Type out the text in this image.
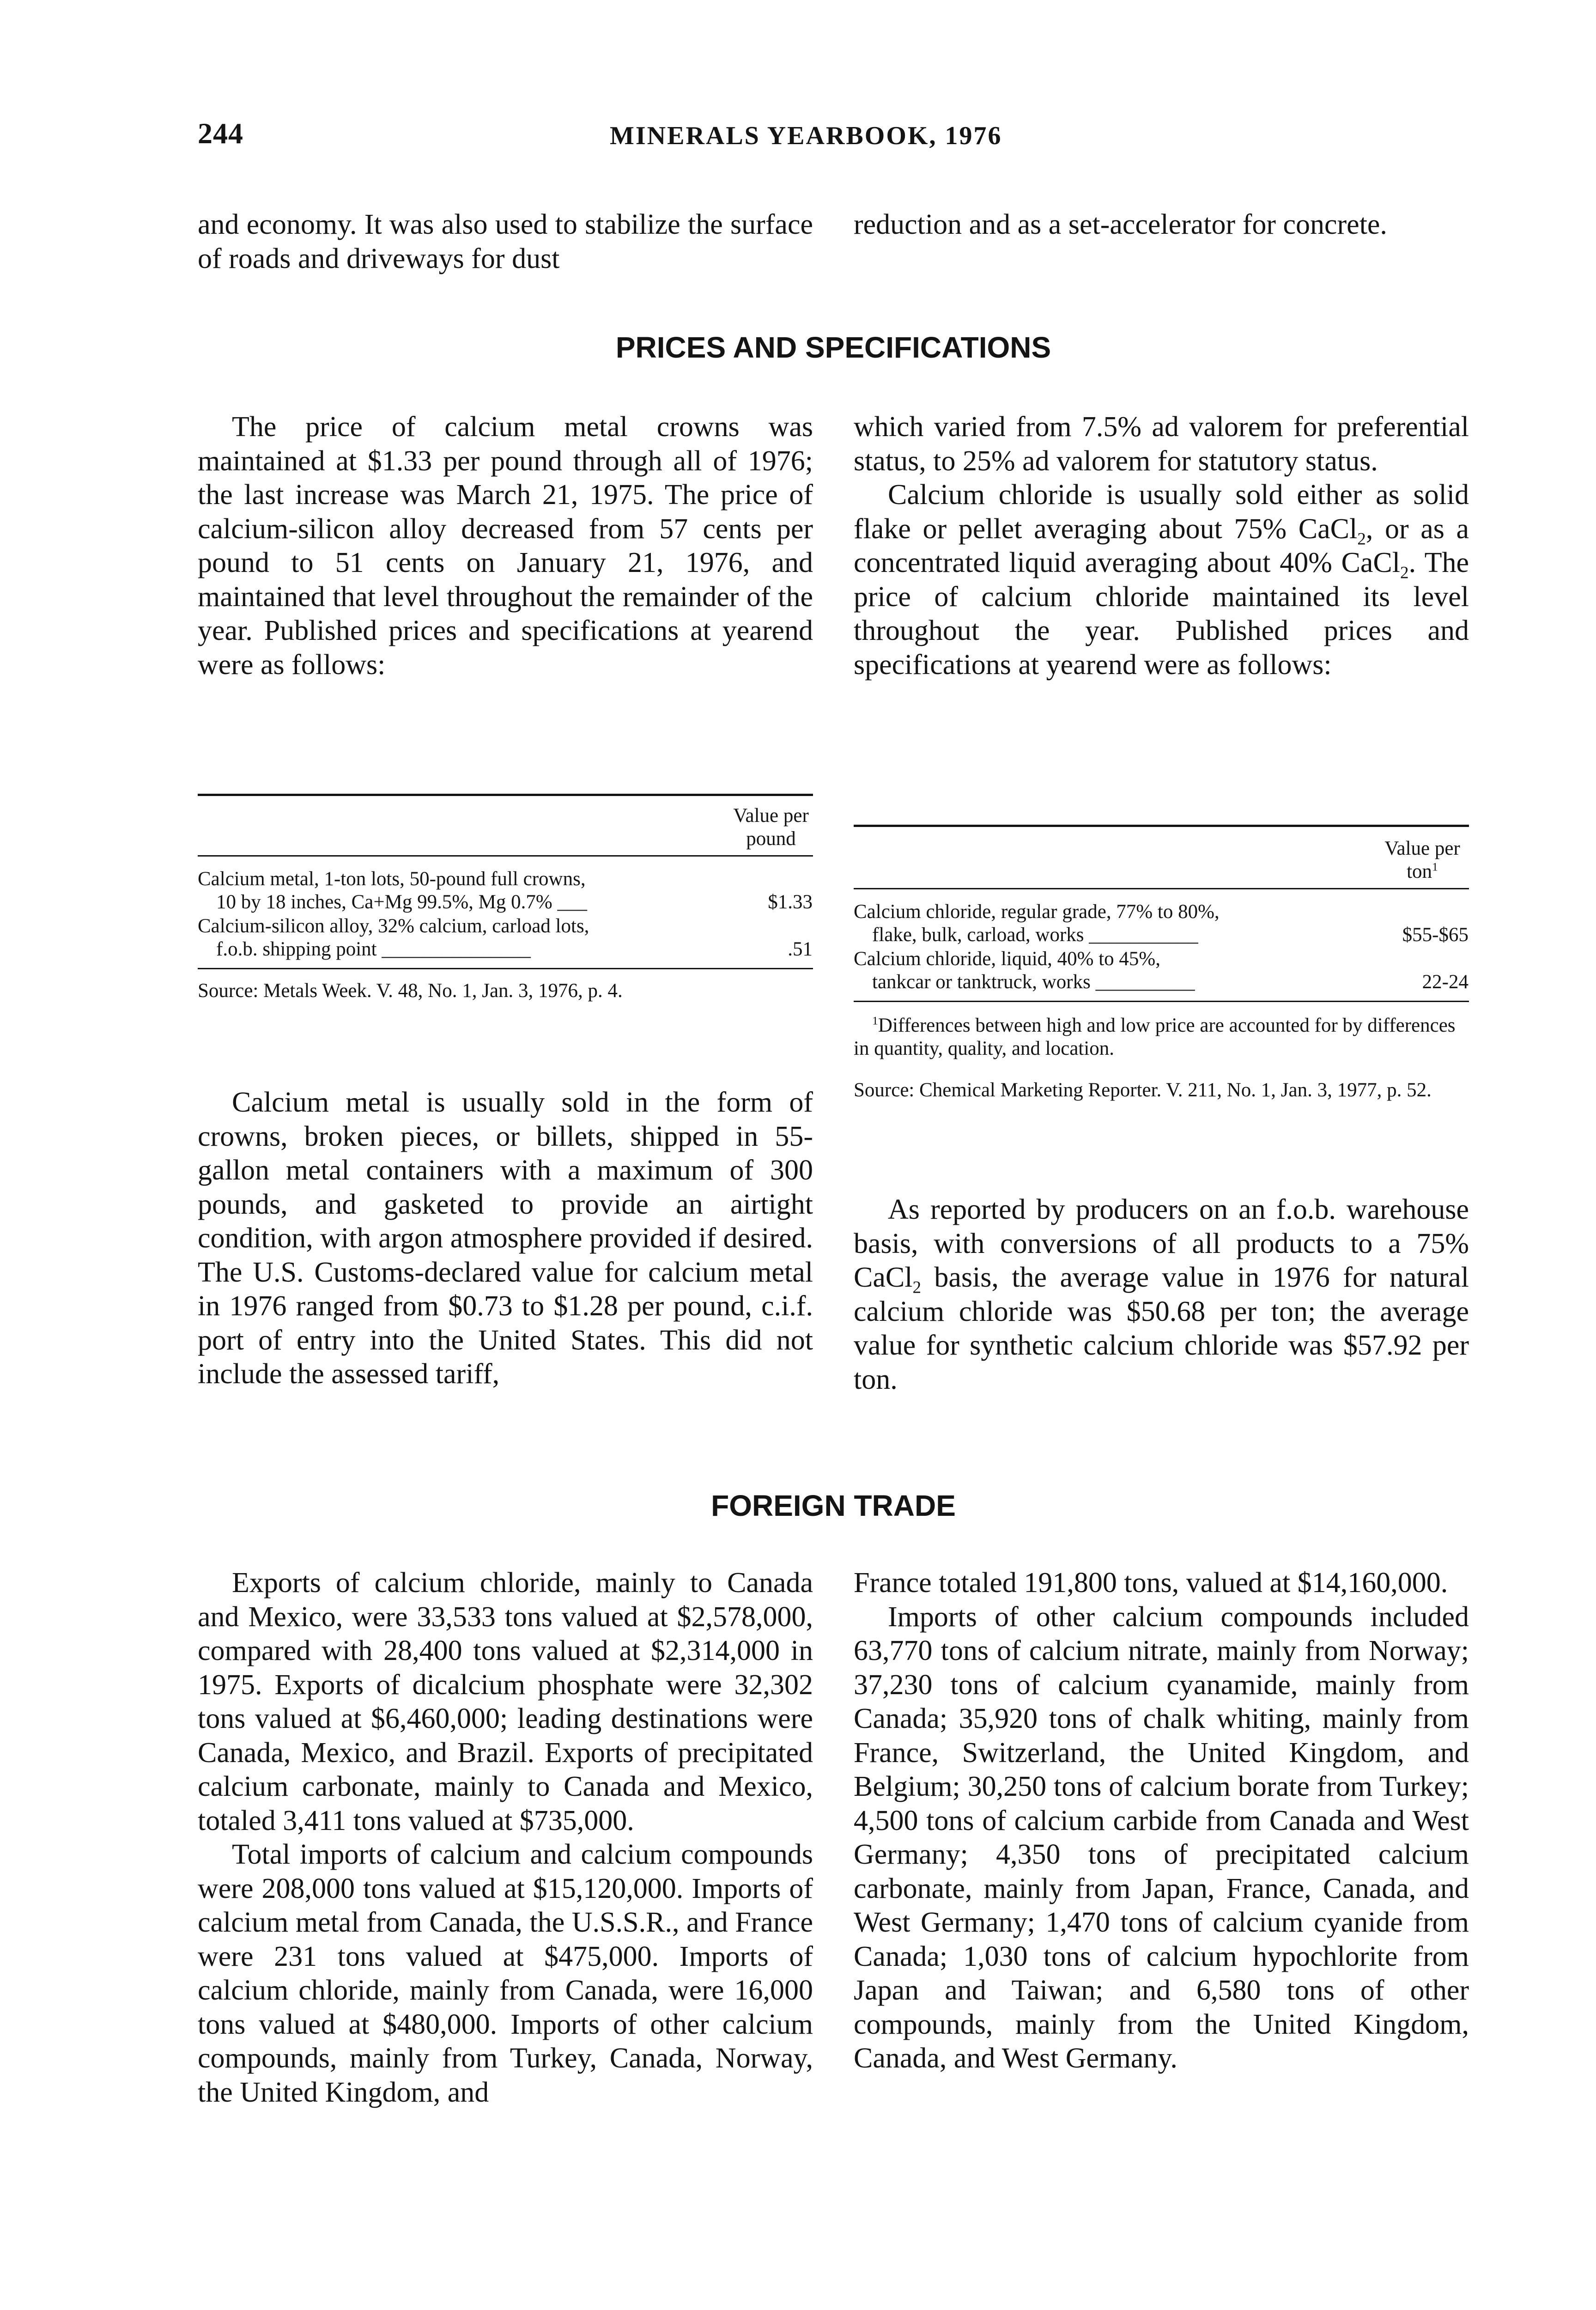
244	MINERALS YEARBOOK, 1976

and economy. It was also used to stabilize the surface of roads and driveways for dust

reduction and as a set-accelerator for concrete.

PRICES AND SPECIFICATIONS

The price of calcium metal crowns was maintained at $1.33 per pound through all of 1976; the last increase was March 21, 1975. The price of calcium-silicon alloy decreased from 57 cents per pound to 51 cents on January 21, 1976, and maintained that level throughout the remainder of the year. Published prices and specifications at yearend were as follows:

which varied from 7.5% ad valorem for preferential status, to 25% ad valorem for statutory status.

Calcium chloride is usually sold either as solid flake or pellet averaging about 75% CaCl$_2$, or as a concentrated liquid averaging about 40% CaCl$_2$. The price of calcium chloride maintained its level throughout the year. Published prices and specifications at yearend were as follows:

	Value per pound

Calcium metal, 1-ton lots, 50-pound full crowns,
10 by 18 inches, Ca+Mg 99.5%, Mg 0.7% ___	$1.33
Calcium-silicon alloy, 32% calcium, carload lots,
f.o.b. shipping point _______________	.51

Source: Metals Week. V. 48, No. 1, Jan. 3, 1976, p. 4.
	Value per ton$^1$

Calcium chloride, regular grade, 77% to 80%,
flake, bulk, carload, works ___________	$55-$65
Calcium chloride, liquid, 40% to 45%,
tankcar or tanktruck, works __________	22-24

$^1$Differences between high and low price are accounted for by differences in quantity, quality, and location.
Source: Chemical Marketing Reporter. V. 211, No. 1, Jan. 3, 1977, p. 52.

Calcium metal is usually sold in the form of crowns, broken pieces, or billets, shipped in 55-gallon metal containers with a maximum of 300 pounds, and gasketed to provide an airtight condition, with argon atmosphere provided if desired. The U.S. Customs-declared value for calcium metal in 1976 ranged from $0.73 to $1.28 per pound, c.i.f. port of entry into the United States. This did not include the assessed tariff,

As reported by producers on an f.o.b. warehouse basis, with conversions of all products to a 75% CaCl$_2$ basis, the average value in 1976 for natural calcium chloride was $50.68 per ton; the average value for synthetic calcium chloride was $57.92 per ton.

FOREIGN TRADE

Exports of calcium chloride, mainly to Canada and Mexico, were 33,533 tons valued at $2,578,000, compared with 28,400 tons valued at $2,314,000 in 1975. Exports of dicalcium phosphate were 32,302 tons valued at $6,460,000; leading destinations were Canada, Mexico, and Brazil. Exports of precipitated calcium carbonate, mainly to Canada and Mexico, totaled 3,411 tons valued at $735,000.

Total imports of calcium and calcium compounds were 208,000 tons valued at $15,120,000. Imports of calcium metal from Canada, the U.S.S.R., and France were 231 tons valued at $475,000. Imports of calcium chloride, mainly from Canada, were 16,000 tons valued at $480,000. Imports of other calcium compounds, mainly from Turkey, Canada, Norway, the United Kingdom, and

France totaled 191,800 tons, valued at $14,160,000.

Imports of other calcium compounds included 63,770 tons of calcium nitrate, mainly from Norway; 37,230 tons of calcium cyanamide, mainly from Canada; 35,920 tons of chalk whiting, mainly from France, Switzerland, the United Kingdom, and Belgium; 30,250 tons of calcium borate from Turkey; 4,500 tons of calcium carbide from Canada and West Germany; 4,350 tons of precipitated calcium carbonate, mainly from Japan, France, Canada, and West Germany; 1,470 tons of calcium cyanide from Canada; 1,030 tons of calcium hypochlorite from Japan and Taiwan; and 6,580 tons of other compounds, mainly from the United Kingdom, Canada, and West Germany.
